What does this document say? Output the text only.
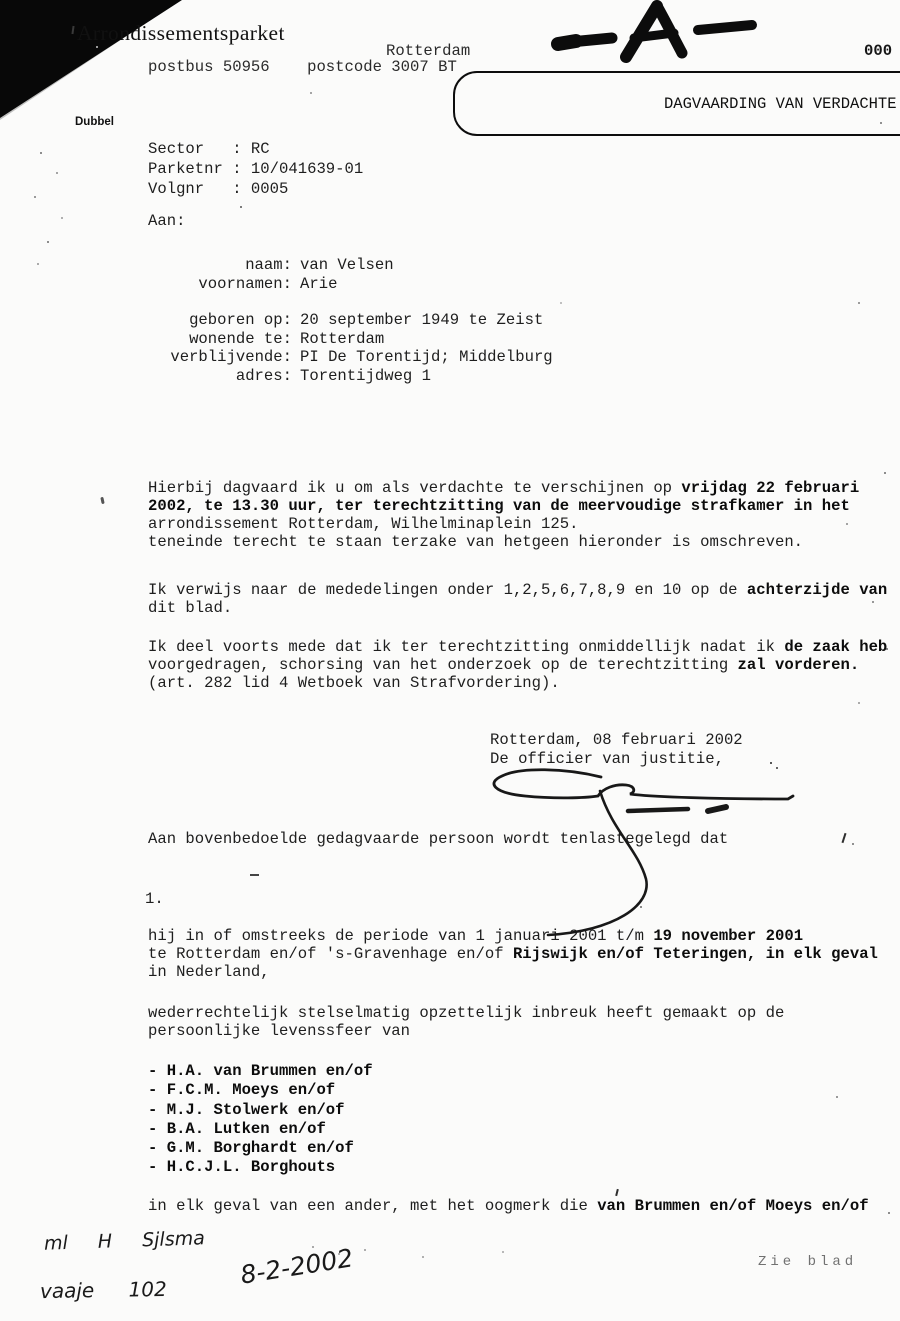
Arrondissementsparket
Rotterdam
postbus 50956    postcode 3007 BT
Dubbel
000
DAGVAARDING VAN VERDACHTE
Sector   : RC
Parketnr : 10/041639-01
Volgnr   : 0005
Aan:
naam: van Velsen
voornamen: Arie
geboren op: 20 september 1949 te Zeist
wonende te: Rotterdam
verblijvende: PI De Torentijd; Middelburg
adres: Torentijdweg 1
Hierbij dagvaard ik u om als verdachte te verschijnen op vrijdag 22 februari
2002, te 13.30 uur, ter terechtzitting van de meervoudige strafkamer in het
arrondissement Rotterdam, Wilhelminaplein 125.
teneinde terecht te staan terzake van hetgeen hieronder is omschreven.
Ik verwijs naar de mededelingen onder 1,2,5,6,7,8,9 en 10 op de achterzijde van
dit blad.
Ik deel voorts mede dat ik ter terechtzitting onmiddellijk nadat ik de zaak heb
voorgedragen, schorsing van het onderzoek op de terechtzitting zal vorderen.
(art. 282 lid 4 Wetboek van Strafvordering).
Aan bovenbedoelde gedagvaarde persoon wordt tenlastegelegd dat
1.
hij in of omstreeks de periode van 1 januari 2001 t/m 19 november 2001
te Rotterdam en/of 's-Gravenhage en/of Rijswijk en/of Teteringen, in elk geval
in Nederland,
wederrechtelijk stelselmatig opzettelijk inbreuk heeft gemaakt op de
persoonlijke levenssfeer van
- H.A. van Brummen en/of
- F.C.M. Moeys en/of
- M.J. Stolwerk en/of
- B.A. Lutken en/of
- G.M. Borghardt en/of
- H.C.J.L. Borghouts
in elk geval van een ander, met het oogmerk die van Brummen en/of Moeys en/of
Rotterdam, 08 februari 2002
De officier van justitie,
ml H Sjlsma
8-2-2002
vaaje 102
Zie blad
